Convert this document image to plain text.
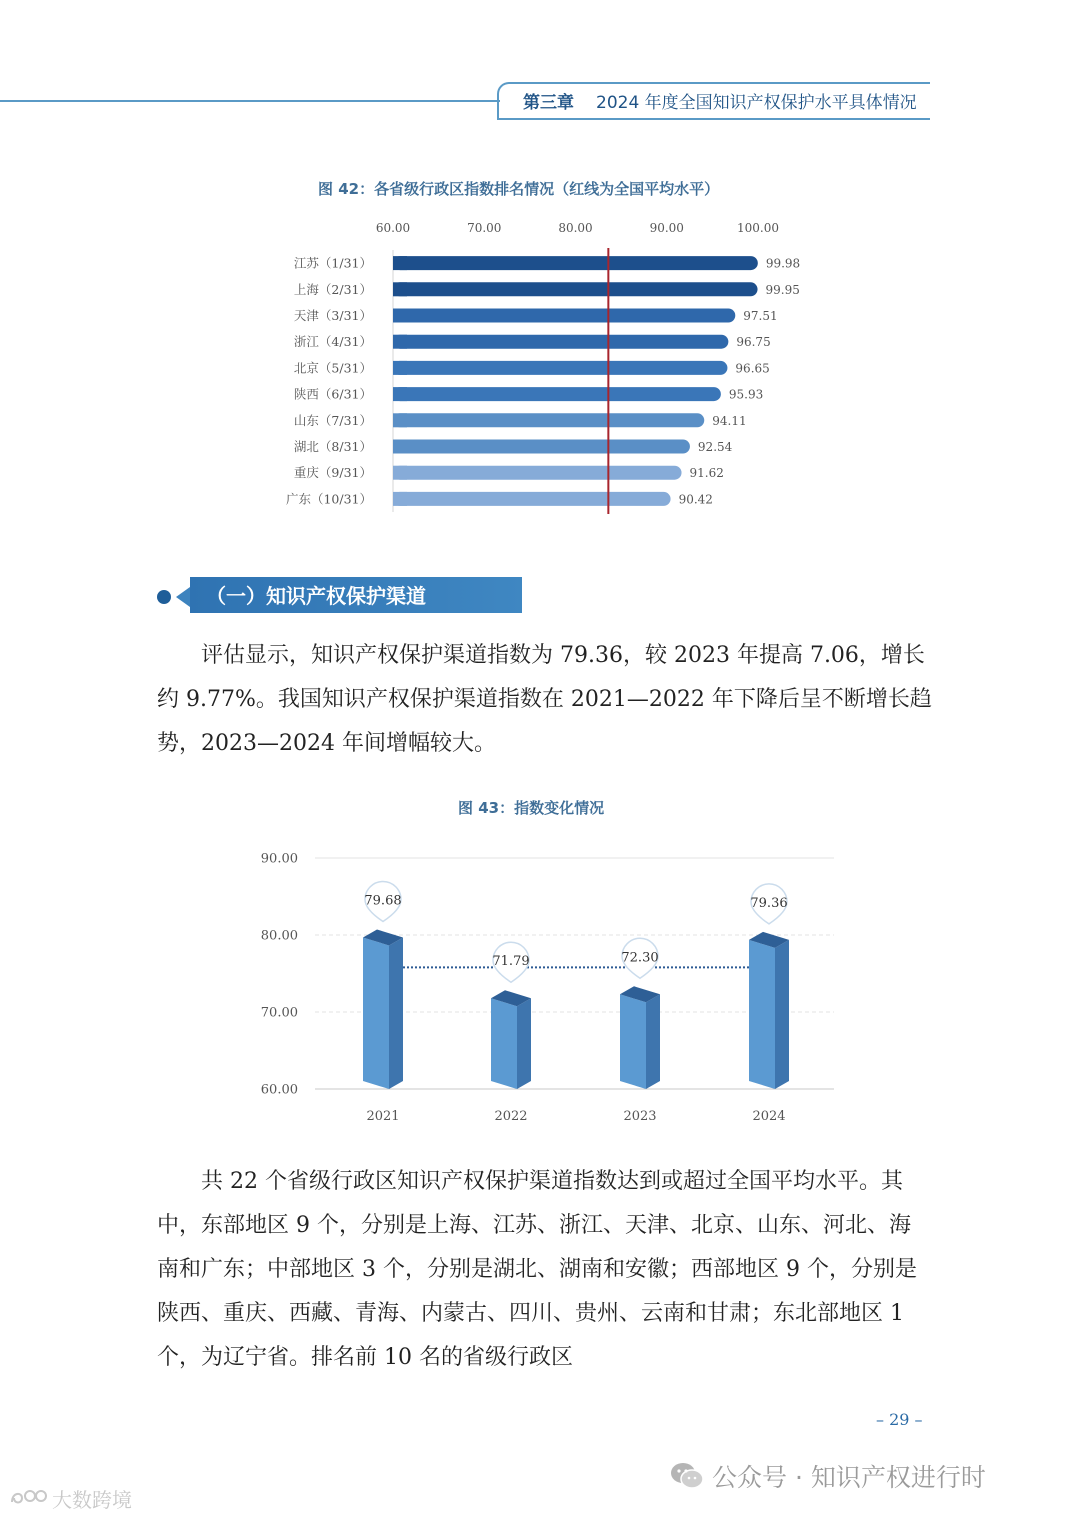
第三章 2024 年度全国知识产权保护水平具体情况
图 42：各省级行政区指数排名情况（红线为全国平均水平）
60.00	70.00	80.00	90.00	100.00
江苏（1/31）	99.98
上海（2/31）	99.95
天津（3/31）	97.51
浙江（4/31）	96.75
北京（5/31）	96.65
陕西（6/31）	95.93
山东（7/31）	94.11
湖北（8/31）	92.54
重庆（9/31）	91.62
广东（10/31）	90.42
（一）知识产权保护渠道

评估显示，知识产权保护渠道指数为 79.36，较 2023 年提高 7.06，增长约 9.77%。我国知识产权保护渠道指数在 2021—2022 年下降后呈不断增长趋势，2023—2024 年间增幅较大。

图 43：指数变化情况
60.00
70.00
80.00
90.00
2021
79.68
2022
71.79
2023
72.30
2024
79.36

共 22 个省级行政区知识产权保护渠道指数达到或超过全国平均水平。其中，东部地区 9 个，分别是上海、江苏、浙江、天津、北京、山东、河北、海南和广东；中部地区 3 个，分别是湖北、湖南和安徽；西部地区 9 个，分别是陕西、重庆、西藏、青海、内蒙古、四川、贵州、云南和甘肃；东北部地区 1 个，为辽宁省。排名前 10 名的省级行政区

– 29 –
公众号 · 知识产权进行时
大数跨境
